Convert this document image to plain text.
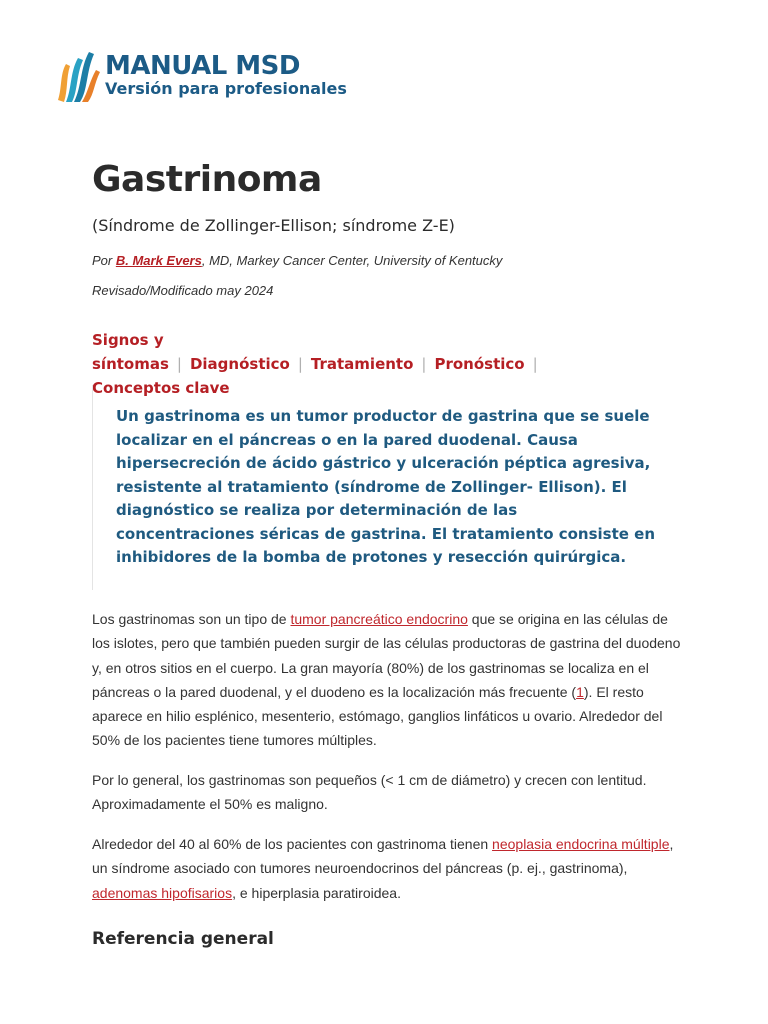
MANUAL MSD
Versión para profesionales
Gastrinoma
(Síndrome de Zollinger-Ellison; síndrome Z-E)
Por B. Mark Evers, MD, Markey Cancer Center, University of Kentucky
Revisado/Modificado may 2024
Signos y síntomas | Diagnóstico | Tratamiento | Pronóstico |
Conceptos clave

Un gastrinoma es un tumor productor de gastrina que se suele localizar en el páncreas o en la pared duodenal. Causa hipersecreción de ácido gástrico y ulceración péptica agresiva, resistente al tratamiento (síndrome de Zollinger- Ellison). El diagnóstico se realiza por determinación de las concentraciones séricas de gastrina. El tratamiento consiste en inhibidores de la bomba de protones y resección quirúrgica.

Los gastrinomas son un tipo de tumor pancreático endocrino que se origina en las células de los islotes, pero que también pueden surgir de las células productoras de gastrina del duodeno y, en otros sitios en el cuerpo. La gran mayoría (80%) de los gastrinomas se localiza en el páncreas o la pared duodenal, y el duodeno es la localización más frecuente (1). El resto aparece en hilio esplénico, mesenterio, estómago, ganglios linfáticos u ovario. Alrededor del 50% de los pacientes tiene tumores múltiples.

Por lo general, los gastrinomas son pequeños (< 1 cm de diámetro) y crecen con lentitud. Aproximadamente el 50% es maligno.

Alrededor del 40 al 60% de los pacientes con gastrinoma tienen neoplasia endocrina múltiple, un síndrome asociado con tumores neuroendocrinos del páncreas (p. ej., gastrinoma), adenomas hipofisarios, e hiperplasia paratiroidea.

Referencia general
